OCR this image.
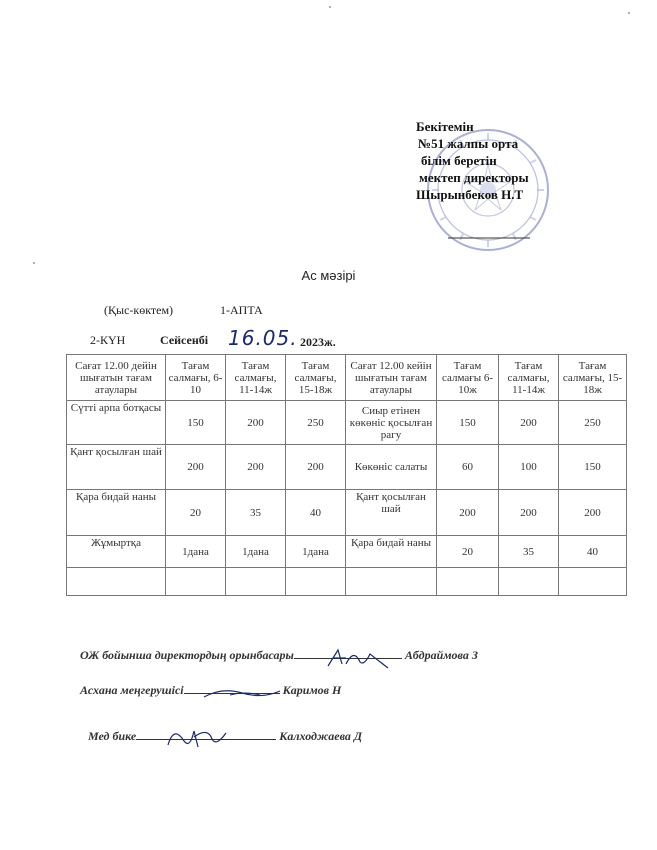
Бекітемін
№51 жалпы орта
білім беретін
мектеп директоры
Шырынбеков Н.Т
Ас мәзірі
(Қыс-көктем)	1-АПТА
2-КҮН	Сейсенбі 16.05. 2023ж.
Сағат 12.00 дейін шығатын тағам атаулары	Тағам салмағы, 6-10	Тағам салмағы, 11-14ж	Тағам салмағы, 15-18ж	Сағат 12.00 кейін шығатын тағам атаулары	Тағам салмағы 6-10ж	Тағам салмағы, 11-14ж	Тағам салмағы, 15-18ж
Сүтті арпа ботқасы	150	200	250	Сиыр етінен көкөніс қосылған рагу	150	200	250
Қант қосылған шай	200	200	200	Көкөніс салаты	60	100	150
Қара бидай наны	20	35	40	Қант қосылған шай	200	200	200
Жұмыртқа	1дана	1дана	1дана	Қара бидай наны	20	35	40

ОЖ бойынша директордың орынбасары	Абдраймова З
Асхана меңгерушісі	Каримов Н
Мед бике	Калходжаева Д
